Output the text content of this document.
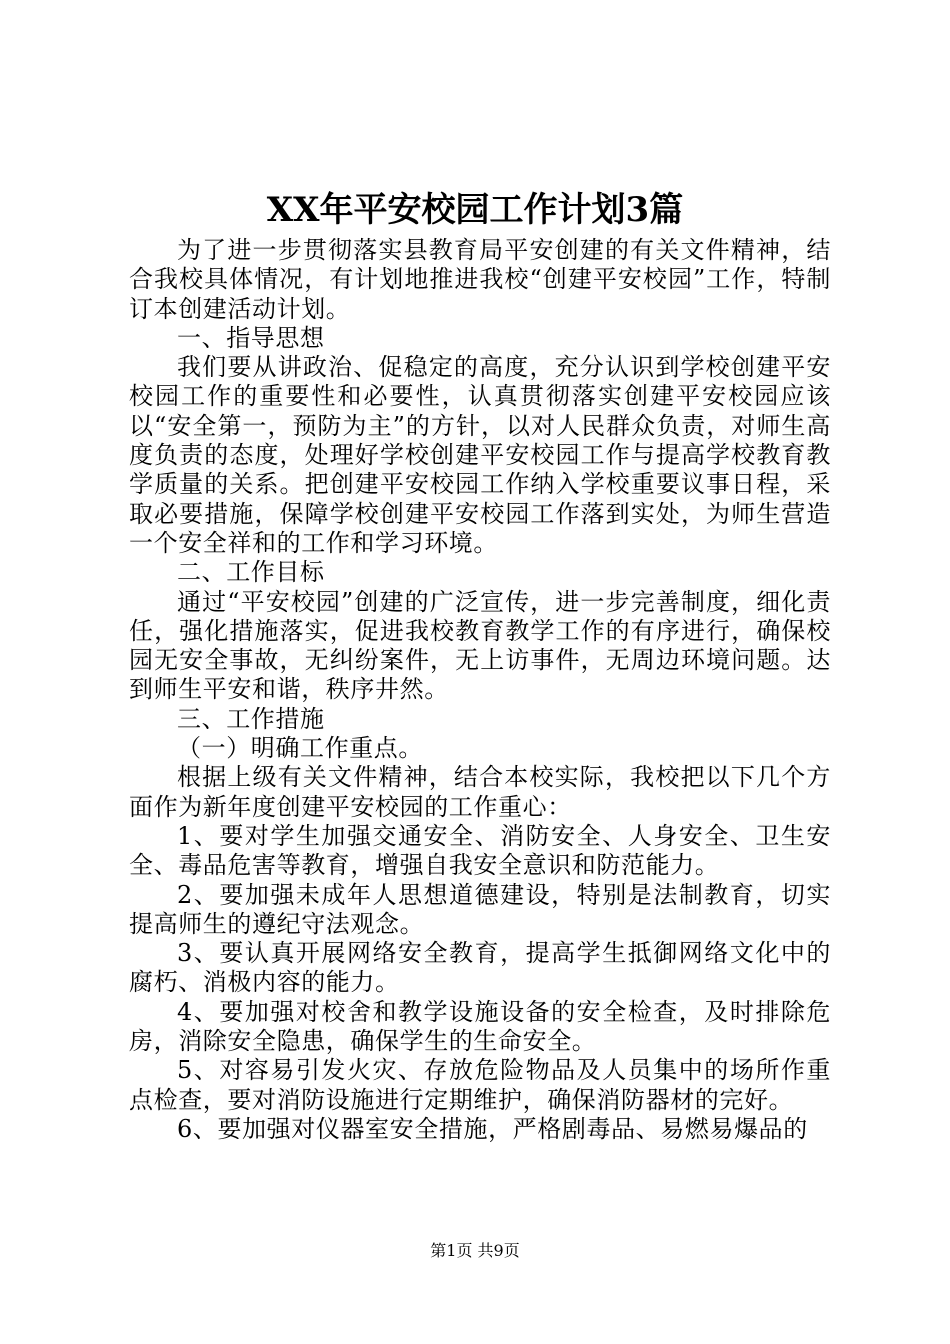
XX年平安校园工作计划3篇

为了进一步贯彻落实县教育局平安创建的有关文件精神，结合我校具体情况，有计划地推进我校“创建平安校园”工作，特制订本创建活动计划。

一、指导思想

我们要从讲政治、促稳定的高度，充分认识到学校创建平安校园工作的重要性和必要性，认真贯彻落实创建平安校园应该以“安全第一，预防为主”的方针，以对人民群众负责，对师生高度负责的态度，处理好学校创建平安校园工作与提高学校教育教学质量的关系。把创建平安校园工作纳入学校重要议事日程，采取必要措施，保障学校创建平安校园工作落到实处，为师生营造一个安全祥和的工作和学习环境。

二、工作目标

通过“平安校园”创建的广泛宣传，进一步完善制度，细化责任，强化措施落实，促进我校教育教学工作的有序进行，确保校园无安全事故，无纠纷案件，无上访事件，无周边环境问题。达到师生平安和谐，秩序井然。

三、工作措施

（一）明确工作重点。

根据上级有关文件精神，结合本校实际，我校把以下几个方面作为新年度创建平安校园的工作重心：

1、要对学生加强交通安全、消防安全、人身安全、卫生安全、毒品危害等教育，增强自我安全意识和防范能力。

2、要加强未成年人思想道德建设，特别是法制教育，切实提高师生的遵纪守法观念。

3、要认真开展网络安全教育，提高学生抵御网络文化中的腐朽、消极内容的能力。

4、要加强对校舍和教学设施设备的安全检查，及时排除危房，消除安全隐患，确保学生的生命安全。

5、对容易引发火灾、存放危险物品及人员集中的场所作重点检查，要对消防设施进行定期维护，确保消防器材的完好。

6、要加强对仪器室安全措施，严格剧毒品、易燃易爆品的

第1页 共9页
